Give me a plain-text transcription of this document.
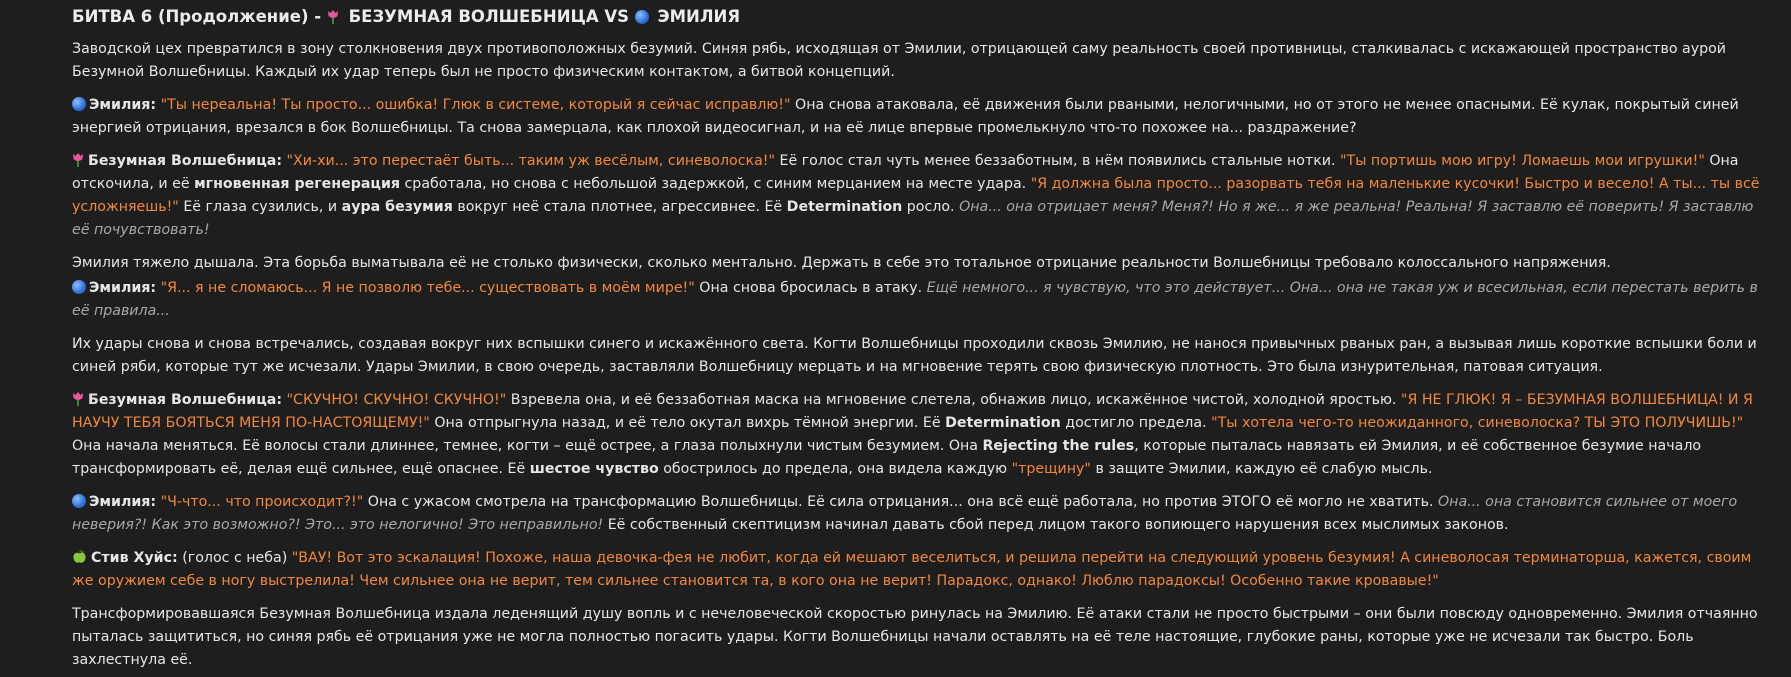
БИТВА 6 (Продолжение) - БЕЗУМНАЯ ВОЛШЕБНИЦА VS ЭМИЛИЯ

Заводской цех превратился в зону столкновения двух противоположных безумий. Синяя рябь, исходящая от Эмилии, отрицающей саму реальность своей противницы, сталкивалась с искажающей пространство аурой Безумной Волшебницы. Каждый их удар теперь был не просто физическим контактом, а битвой концепций.

Эмилия: "Ты нереальна! Ты просто... ошибка! Глюк в системе, который я сейчас исправлю!" Она снова атаковала, её движения были рваными, нелогичными, но от этого не менее опасными. Её кулак, покрытый синей энергией отрицания, врезался в бок Волшебницы. Та снова замерцала, как плохой видеосигнал, и на её лице впервые промелькнуло что-то похожее на... раздражение?

Безумная Волшебница: "Хи-хи... это перестаёт быть... таким уж весёлым, синеволоска!" Её голос стал чуть менее беззаботным, в нём появились стальные нотки. "Ты портишь мою игру! Ломаешь мои игрушки!" Она отскочила, и её мгновенная регенерация сработала, но снова с небольшой задержкой, с синим мерцанием на месте удара. "Я должна была просто... разорвать тебя на маленькие кусочки! Быстро и весело! А ты... ты всё усложняешь!" Её глаза сузились, и аура безумия вокруг неё стала плотнее, агрессивнее. Её Determination росло. Она... она отрицает меня? Меня?! Но я же... я же реальна! Реальна! Я заставлю её поверить! Я заставлю её почувствовать!

Эмилия тяжело дышала. Эта борьба выматывала её не столько физически, сколько ментально. Держать в себе это тотальное отрицание реальности Волшебницы требовало колоссального напряжения.

Эмилия: "Я... я не сломаюсь... Я не позволю тебе... существовать в моём мире!" Она снова бросилась в атаку. Ещё немного... я чувствую, что это действует... Она... она не такая уж и всесильная, если перестать верить в её правила...

Их удары снова и снова встречались, создавая вокруг них вспышки синего и искажённого света. Когти Волшебницы проходили сквозь Эмилию, не нанося привычных рваных ран, а вызывая лишь короткие вспышки боли и синей ряби, которые тут же исчезали. Удары Эмилии, в свою очередь, заставляли Волшебницу мерцать и на мгновение терять свою физическую плотность. Это была изнурительная, патовая ситуация.

Безумная Волшебница: "СКУЧНО! СКУЧНО! СКУЧНО!" Взревела она, и её беззаботная маска на мгновение слетела, обнажив лицо, искажённое чистой, холодной яростью. "Я НЕ ГЛЮК! Я – БЕЗУМНАЯ ВОЛШЕБНИЦА! И Я НАУЧУ ТЕБЯ БОЯТЬСЯ МЕНЯ ПО-НАСТОЯЩЕМУ!" Она отпрыгнула назад, и её тело окутал вихрь тёмной энергии. Её Determination достигло предела. "Ты хотела чего-то неожиданного, синеволоска? ТЫ ЭТО ПОЛУЧИШЬ!" Она начала меняться. Её волосы стали длиннее, темнее, когти – ещё острее, а глаза полыхнули чистым безумием. Она Rejecting the rules, которые пыталась навязать ей Эмилия, и её собственное безумие начало трансформировать её, делая ещё сильнее, ещё опаснее. Её шестое чувство обострилось до предела, она видела каждую "трещину" в защите Эмилии, каждую её слабую мысль.

Эмилия: "Ч-что... что происходит?!" Она с ужасом смотрела на трансформацию Волшебницы. Её сила отрицания... она всё ещё работала, но против ЭТОГО её могло не хватить. Она... она становится сильнее от моего неверия?! Как это возможно?! Это... это нелогично! Это неправильно! Её собственный скептицизм начинал давать сбой перед лицом такого вопиющего нарушения всех мыслимых законов.

Стив Хуйс: (голос с неба) "ВАУ! Вот это эскалация! Похоже, наша девочка-фея не любит, когда ей мешают веселиться, и решила перейти на следующий уровень безумия! А синеволосая терминаторша, кажется, своим же оружием себе в ногу выстрелила! Чем сильнее она не верит, тем сильнее становится та, в кого она не верит! Парадокс, однако! Люблю парадоксы! Особенно такие кровавые!"

Трансформировавшаяся Безумная Волшебница издала леденящий душу вопль и с нечеловеческой скоростью ринулась на Эмилию. Её атаки стали не просто быстрыми – они были повсюду одновременно. Эмилия отчаянно пыталась защититься, но синяя рябь её отрицания уже не могла полностью погасить удары. Когти Волшебницы начали оставлять на её теле настоящие, глубокие раны, которые уже не исчезали так быстро. Боль захлестнула её.
